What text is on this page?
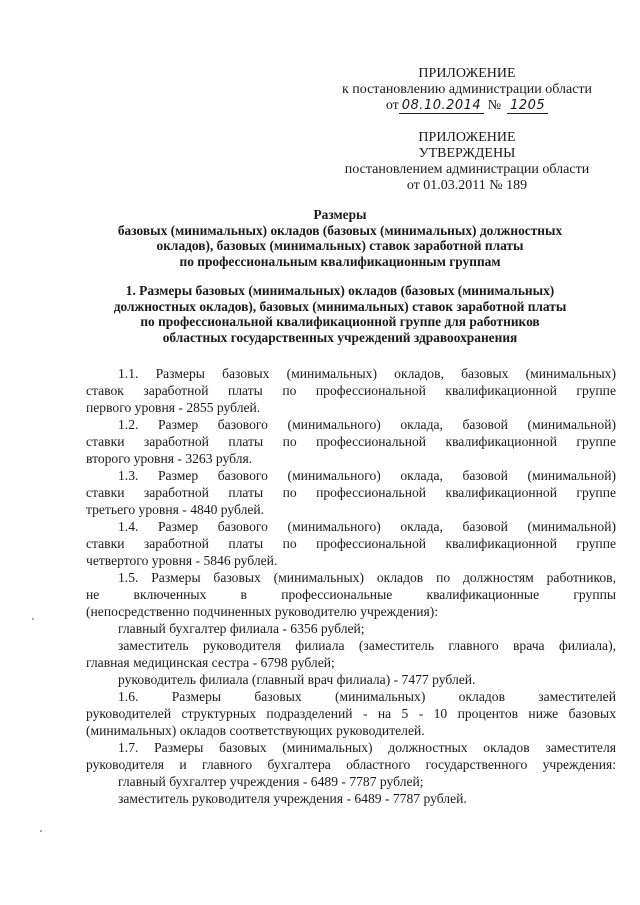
ПРИЛОЖЕНИЕ
к постановлению администрации области
от 08.10.2014 № 1205
ПРИЛОЖЕНИЕ
УТВЕРЖДЕНЫ
постановлением администрации области
от 01.03.2011 № 189
Размеры
базовых (минимальных) окладов (базовых (минимальных) должностных
окладов), базовых (минимальных) ставок заработной платы
по профессиональным квалификационным группам
1. Размеры базовых (минимальных) окладов (базовых (минимальных)
должностных окладов), базовых (минимальных) ставок заработной платы
по профессиональной квалификационной группе для работников
областных государственных учреждений здравоохранения

1.1. Размеры базовых (минимальных) окладов, базовых (минимальных)

ставок заработной платы по профессиональной квалификационной группе

первого уровня - 2855 рублей.

1.2. Размер базового (минимального) оклада, базовой (минимальной)

ставки заработной платы по профессиональной квалификационной группе

второго уровня - 3263 рубля.

1.3. Размер базового (минимального) оклада, базовой (минимальной)

ставки заработной платы по профессиональной квалификационной группе

третьего уровня - 4840 рублей.

1.4. Размер базового (минимального) оклада, базовой (минимальной)

ставки заработной платы по профессиональной квалификационной группе

четвертого уровня - 5846 рублей.

1.5. Размеры базовых (минимальных) окладов по должностям работников,

не включенных в профессиональные квалификационные группы

(непосредственно подчиненных руководителю учреждения):

главный бухгалтер филиала - 6356 рублей;

заместитель руководителя филиала (заместитель главного врача филиала),

главная медицинская сестра - 6798 рублей;

руководитель филиала (главный врач филиала) - 7477 рублей.

1.6. Размеры базовых (минимальных) окладов заместителей

руководителей структурных подразделений - на 5 - 10 процентов ниже базовых

(минимальных) окладов соответствующих руководителей.

1.7. Размеры базовых (минимальных) должностных окладов заместителя

руководителя и главного бухгалтера областного государственного учреждения:

главный бухгалтер учреждения - 6489 - 7787 рублей;

заместитель руководителя учреждения - 6489 - 7787 рублей.
